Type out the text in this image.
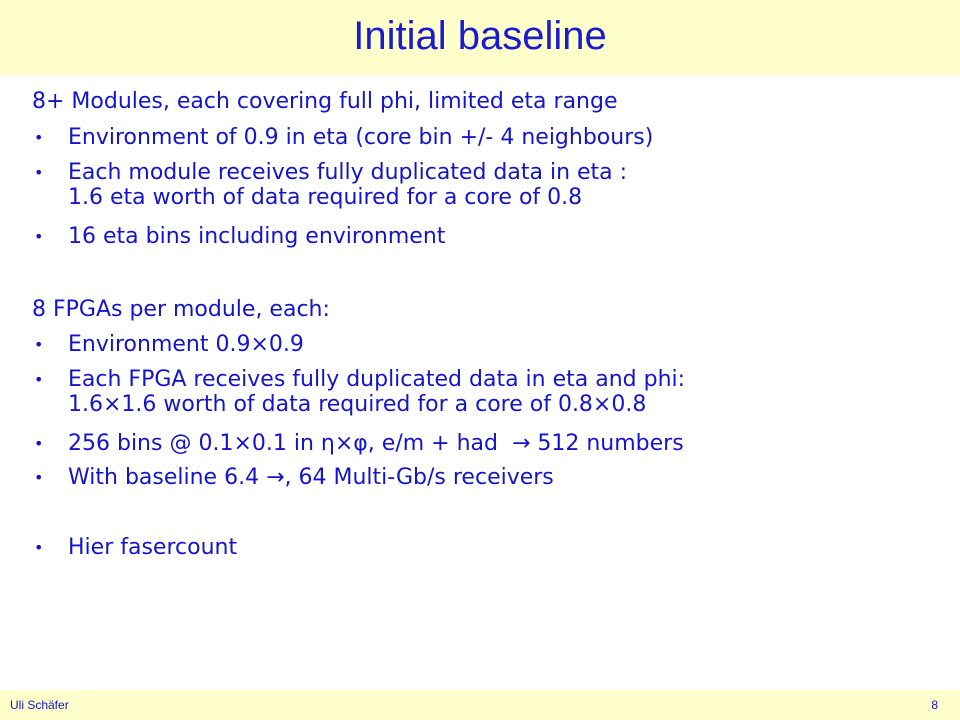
Initial baseline
8+ Modules, each covering full phi, limited eta range
• Environment of 0.9 in eta (core bin +/- 4 neighbours)
• Each module receives fully duplicated data in eta :
1.6 eta worth of data required for a core of 0.8
• 16 eta bins including environment
8 FPGAs per module, each:
• Environment 0.9×0.9
• Each FPGA receives fully duplicated data in eta and phi:
1.6×1.6 worth of data required for a core of 0.8×0.8
• 256 bins @ 0.1×0.1 in η×φ, e/m + had  → 512 numbers
• With baseline 6.4 →, 64 Multi-Gb/s receivers
• Hier fasercount
Uli Schäfer	8
